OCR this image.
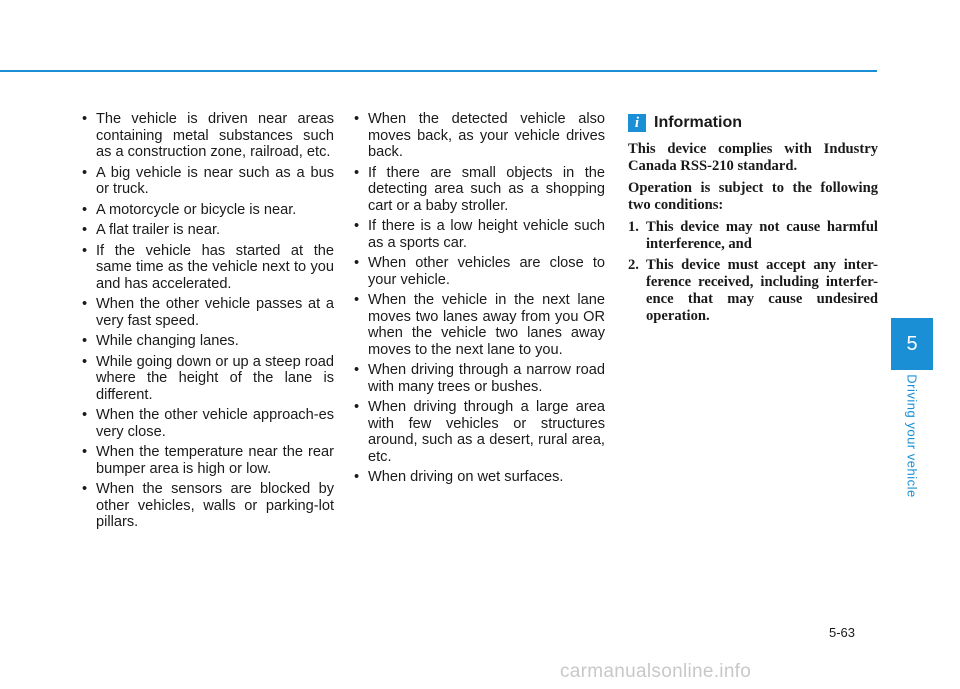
• The vehicle is driven near areas containing metal substances such as a construction zone, railroad, etc.
• A big vehicle is near such as a bus or truck.
• A motorcycle or bicycle is near.
• A flat trailer is near.
• If the vehicle has started at the same time as the vehicle next to you and has accelerated.
• When the other vehicle passes at a very fast speed.
• While changing lanes.
• While going down or up a steep road where the height of the lane is different.
• When the other vehicle approach-es very close.
• When the temperature near the rear bumper area is high or low.
• When the sensors are blocked by other vehicles, walls or parking-lot pillars.
• When the detected vehicle also moves back, as your vehicle drives back.
• If there are small objects in the detecting area such as a shopping cart or a baby stroller.
• If there is a low height vehicle such as a sports car.
• When other vehicles are close to your vehicle.
• When the vehicle in the next lane moves two lanes away from you OR when the vehicle two lanes away moves to the next lane to you.
• When driving through a narrow road with many trees or bushes.
• When driving through a large area with few vehicles or structures around, such as a desert, rural area, etc.
• When driving on wet surfaces.
i Information

This device complies with Industry Canada RSS-210 standard.

Operation is subject to the following two conditions:

1. This device may not cause harmful interference, and
2. This device must accept any inter-ference received, including interfer-ence that may cause undesired operation.
5
Driving your vehicle
5-63
carmanualsonline.info
